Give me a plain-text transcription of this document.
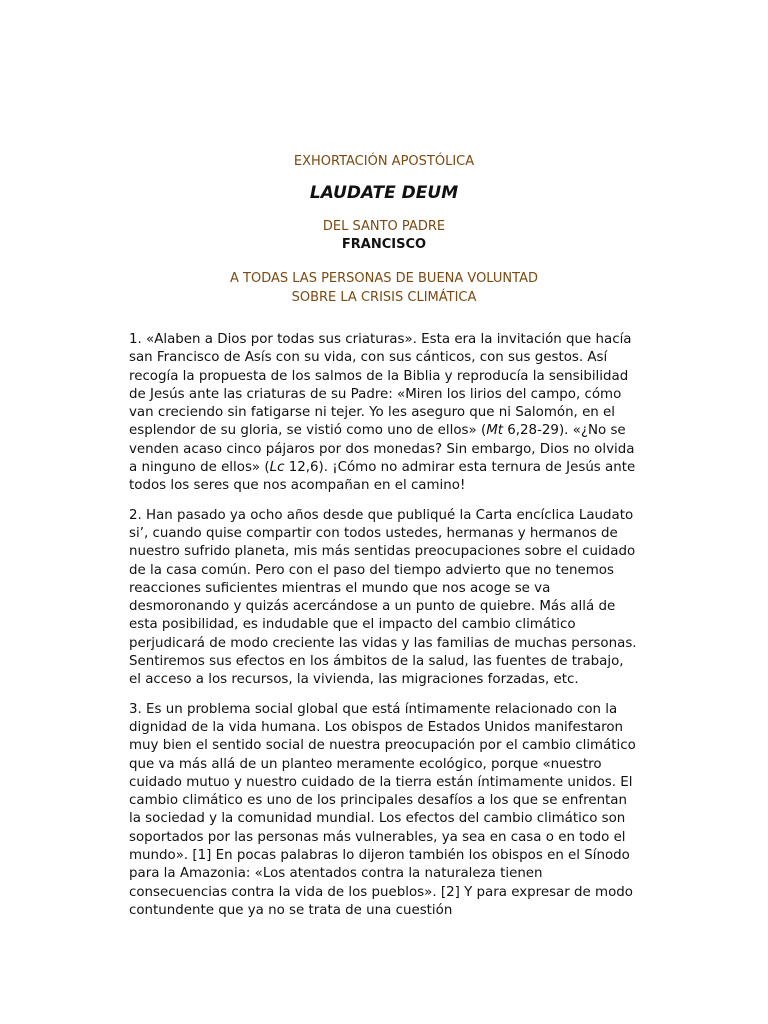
EXHORTACIÓN APOSTÓLICA
LAUDATE DEUM
DEL SANTO PADRE
FRANCISCO
A TODAS LAS PERSONAS DE BUENA VOLUNTAD
SOBRE LA CRISIS CLIMÁTICA

1. «Alaben a Dios por todas sus criaturas». Esta era la invitación que hacía san Francisco de Asís con su vida, con sus cánticos, con sus gestos. Así recogía la propuesta de los salmos de la Biblia y reproducía la sensibilidad de Jesús ante las criaturas de su Padre: «Miren los lirios del campo, cómo van creciendo sin fatigarse ni tejer. Yo les aseguro que ni Salomón, en el esplendor de su gloria, se vistió como uno de ellos» (Mt 6,28-29). «¿No se venden acaso cinco pájaros por dos monedas? Sin embargo, Dios no olvida a ninguno de ellos» (Lc 12,6). ¡Cómo no admirar esta ternura de Jesús ante todos los seres que nos acompañan en el camino!

2. Han pasado ya ocho años desde que publiqué la Carta encíclica Laudato si’, cuando quise compartir con todos ustedes, hermanas y hermanos de nuestro sufrido planeta, mis más sentidas preocupaciones sobre el cuidado de la casa común. Pero con el paso del tiempo advierto que no tenemos reacciones suficientes mientras el mundo que nos acoge se va desmoronando y quizás acercándose a un punto de quiebre. Más allá de esta posibilidad, es indudable que el impacto del cambio climático perjudicará de modo creciente las vidas y las familias de muchas personas. Sentiremos sus efectos en los ámbitos de la salud, las fuentes de trabajo, el acceso a los recursos, la vivienda, las migraciones forzadas, etc.

3. Es un problema social global que está íntimamente relacionado con la dignidad de la vida humana. Los obispos de Estados Unidos manifestaron muy bien el sentido social de nuestra preocupación por el cambio climático que va más allá de un planteo meramente ecológico, porque «nuestro cuidado mutuo y nuestro cuidado de la tierra están íntimamente unidos. El cambio climático es uno de los principales desafíos a los que se enfrentan la sociedad y la comunidad mundial. Los efectos del cambio climático son soportados por las personas más vulnerables, ya sea en casa o en todo el mundo». [1] En pocas palabras lo dijeron también los obispos en el Sínodo para la Amazonia: «Los atentados contra la naturaleza tienen consecuencias contra la vida de los pueblos». [2] Y para expresar de modo contundente que ya no se trata de una cuestión
